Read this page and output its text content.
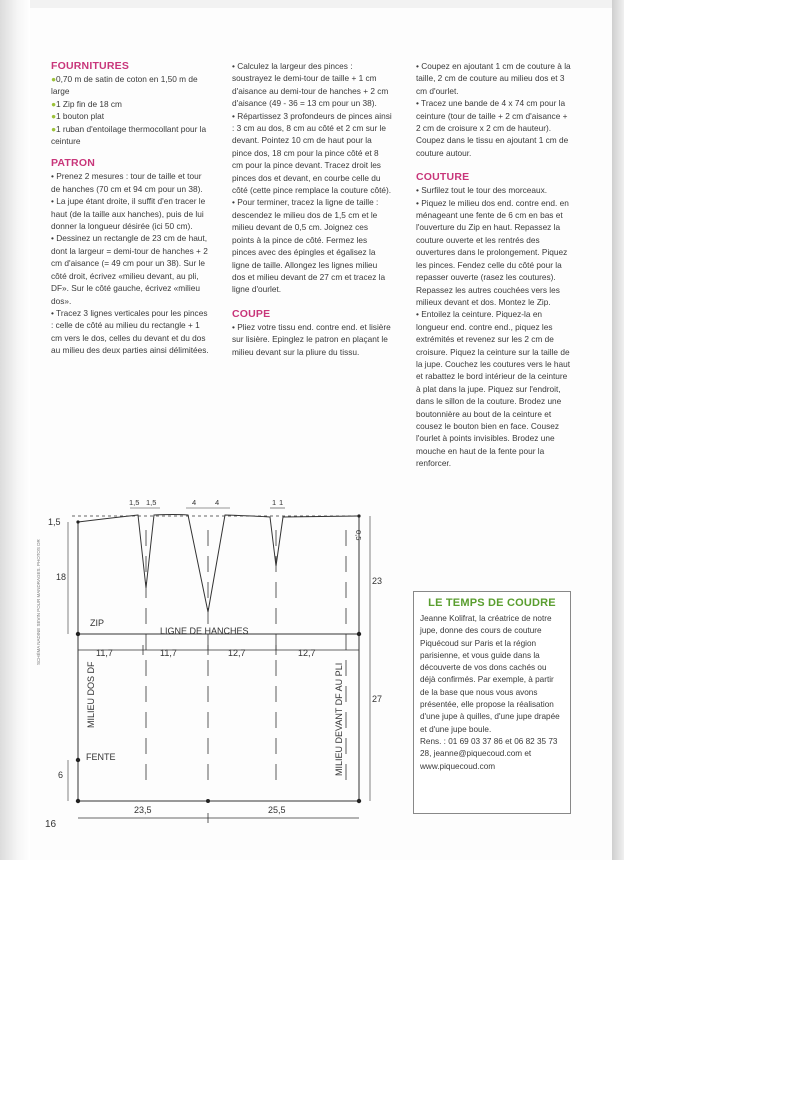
FOURNITURES

●0,70 m de satin de coton en 1,50 m de large

●1 Zip fin de 18 cm

●1 bouton plat

●1 ruban d'entoilage thermocollant pour la ceinture

PATRON

• Prenez 2 mesures : tour de taille et tour de hanches (70 cm et 94 cm pour un 38).

• La jupe étant droite, il suffit d'en tracer le haut (de la taille aux hanches), puis de lui donner la longueur désirée (ici 50 cm).

• Dessinez un rectangle de 23 cm de haut, dont la largeur = demi-tour de hanches + 2 cm d'aisance (= 49 cm pour un 38). Sur le côté droit, écrivez «milieu devant, au pli, DF». Sur le côté gauche, écrivez «milieu dos».

• Tracez 3 lignes verticales pour les pinces : celle de côté au milieu du rectangle + 1 cm vers le dos, celles du devant et du dos au milieu des deux parties ainsi délimitées.

• Calculez la largeur des pinces : soustrayez le demi-tour de taille + 1 cm d'aisance au demi-tour de hanches + 2 cm d'aisance (49 - 36 = 13 cm pour un 38).

• Répartissez 3 profondeurs de pinces ainsi : 3 cm au dos, 8 cm au côté et 2 cm sur le devant. Pointez 10 cm de haut pour la pince dos, 18 cm pour la pince côté et 8 cm pour la pince devant. Tracez droit les pinces dos et devant, en courbe celle du côté (cette pince remplace la couture côté).

• Pour terminer, tracez la ligne de taille : descendez le milieu dos de 1,5 cm et le milieu devant de 0,5 cm. Joignez ces points à la pince de côté. Fermez les pinces avec des épingles et égalisez la ligne de taille. Allongez les lignes milieu dos et milieu devant de 27 cm et tracez la ligne d'ourlet.

COUPE

• Pliez votre tissu end. contre end. et lisière sur lisière. Epinglez le patron en plaçant le milieu devant sur la pliure du tissu.

• Coupez en ajoutant 1 cm de couture à la taille, 2 cm de couture au milieu dos et 3 cm d'ourlet.

• Tracez une bande de 4 x 74 cm pour la ceinture (tour de taille + 2 cm d'aisance + 2 cm de croisure x 2 cm de hauteur). Coupez dans le tissu en ajoutant 1 cm de couture autour.

COUTURE

• Surfilez tout le tour des morceaux.

• Piquez le milieu dos end. contre end. en ménageant une fente de 6 cm en bas et l'ouverture du Zip en haut. Repassez la couture ouverte et les rentrés des ouvertures dans le prolongement. Piquez les pinces. Fendez celle du côté pour la repasser ouverte (rasez les coutures). Repassez les autres couchées vers les milieux devant et dos. Montez le Zip.

• Entoilez la ceinture. Piquez-la en longueur end. contre end., piquez les extrémités et revenez sur les 2 cm de croisure. Piquez la ceinture sur la taille de la jupe. Couchez les coutures vers le haut et rabattez le bord intérieur de la ceinture à plat dans la jupe. Piquez sur l'endroit, dans le sillon de la couture. Brodez une boutonnière au bout de la ceinture et cousez le bouton bien en face. Cousez l'ourlet à points invisibles. Brodez une mouche en haut de la fente pour la renforcer.

LE TEMPS DE COUDRE
Jeanne Kolifrat, la créatrice de notre jupe, donne des cours de couture Piquécoud sur Paris et la région parisienne, et vous guide dans la découverte de vos dons cachés ou déjà confirmés. Par exemple, à partir de la base que nous vous avons présentée, elle propose la réalisation d'une jupe à quilles, d'une jupe drapée et d'une jupe boule.
Rens. : 01 69 03 37 86 et 06 82 35 73 28, jeanne@piquecoud.com et www.piquecoud.com
1,5 1,5	4	4	1 1
1,5
0,5
18	23
27
ZIP
LIGNE DE HANCHES
11,7	11,7	12,7	12,7
MILIEU DOS DF	MILIEU DEVANT DF AU PLI
FENTE
6
23,5	25,5
SCHÉMA NADINE SEVIN POUR MANDRAGES. PHOTOS DR
16
